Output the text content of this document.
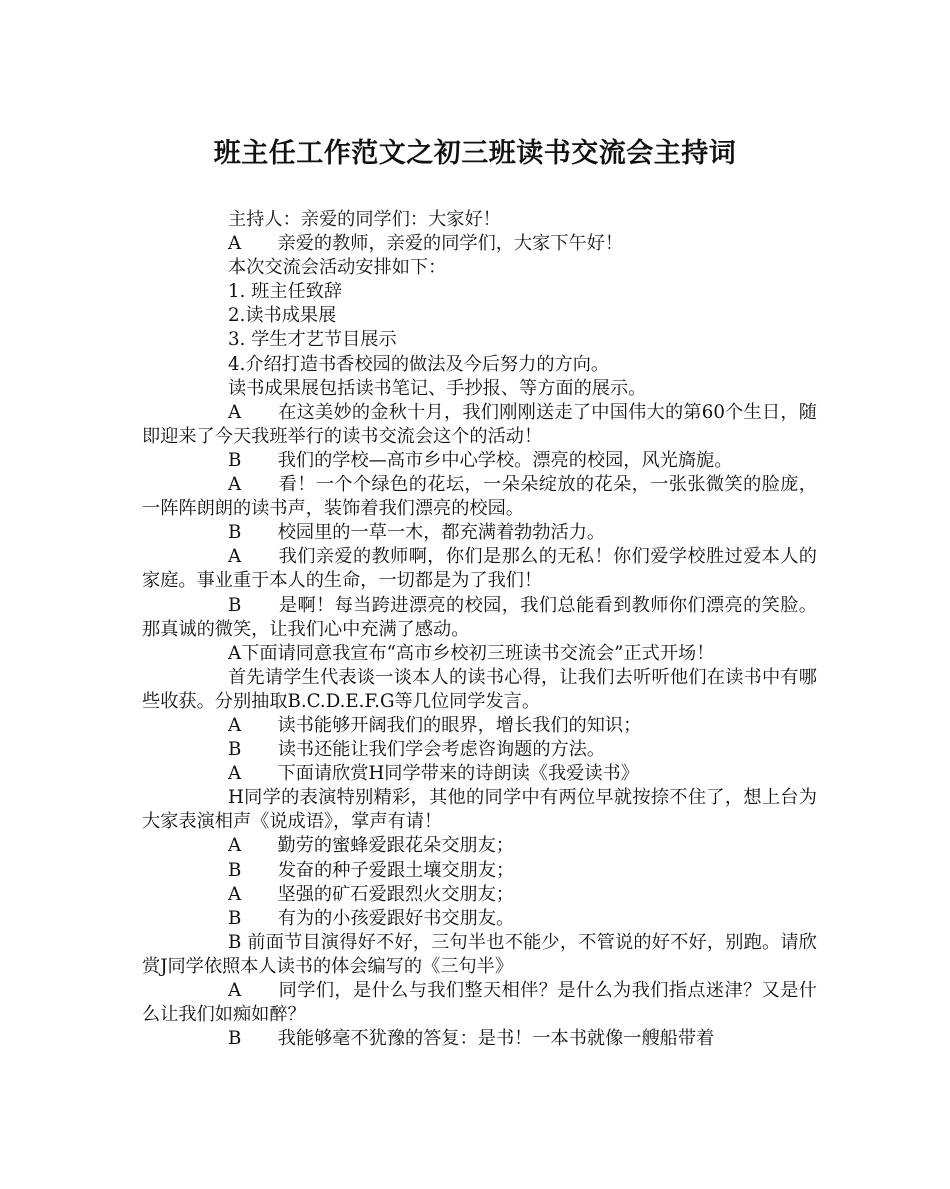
班主任工作范文之初三班读书交流会主持词

主持人：亲爱的同学们：大家好！

A　　亲爱的教师，亲爱的同学们，大家下午好！

本次交流会活动安排如下：

1. 班主任致辞

2.读书成果展

3. 学生才艺节目展示

4.介绍打造书香校园的做法及今后努力的方向。

读书成果展包括读书笔记、手抄报、等方面的展示。

A　　在这美妙的金秋十月，我们刚刚送走了中国伟大的第60个生日，随即迎来了今天我班举行的读书交流会这个的活动！

B　　我们的学校—高市乡中心学校。漂亮的校园，风光旖旎。

A　　看！一个个绿色的花坛，一朵朵绽放的花朵，一张张微笑的脸庞，一阵阵朗朗的读书声，装饰着我们漂亮的校园。

B　　校园里的一草一木，都充满着勃勃活力。

A　　我们亲爱的教师啊，你们是那么的无私！你们爱学校胜过爱本人的家庭。事业重于本人的生命，一切都是为了我们！

B　　是啊！每当跨进漂亮的校园，我们总能看到教师你们漂亮的笑脸。那真诚的微笑，让我们心中充满了感动。

A下面请同意我宣布“高市乡校初三班读书交流会”正式开场！

首先请学生代表谈一谈本人的读书心得，让我们去听听他们在读书中有哪些收获。分别抽取B.C.D.E.F.G等几位同学发言。

A　　读书能够开阔我们的眼界，增长我们的知识；

B　　读书还能让我们学会考虑咨询题的方法。

A　　下面请欣赏H同学带来的诗朗读《我爱读书》

H同学的表演特别精彩，其他的同学中有两位早就按捺不住了，想上台为大家表演相声《说成语》，掌声有请！

A　　勤劳的蜜蜂爱跟花朵交朋友；

B　　发奋的种子爱跟土壤交朋友；

A　　坚强的矿石爱跟烈火交朋友；

B　　有为的小孩爱跟好书交朋友。

B 前面节目演得好不好，三句半也不能少，不管说的好不好，别跑。请欣赏J同学依照本人读书的体会编写的《三句半》

A　　同学们，是什么与我们整天相伴？是什么为我们指点迷津？又是什么让我们如痴如醉？

B　　我能够毫不犹豫的答复：是书！一本书就像一艘船带着
